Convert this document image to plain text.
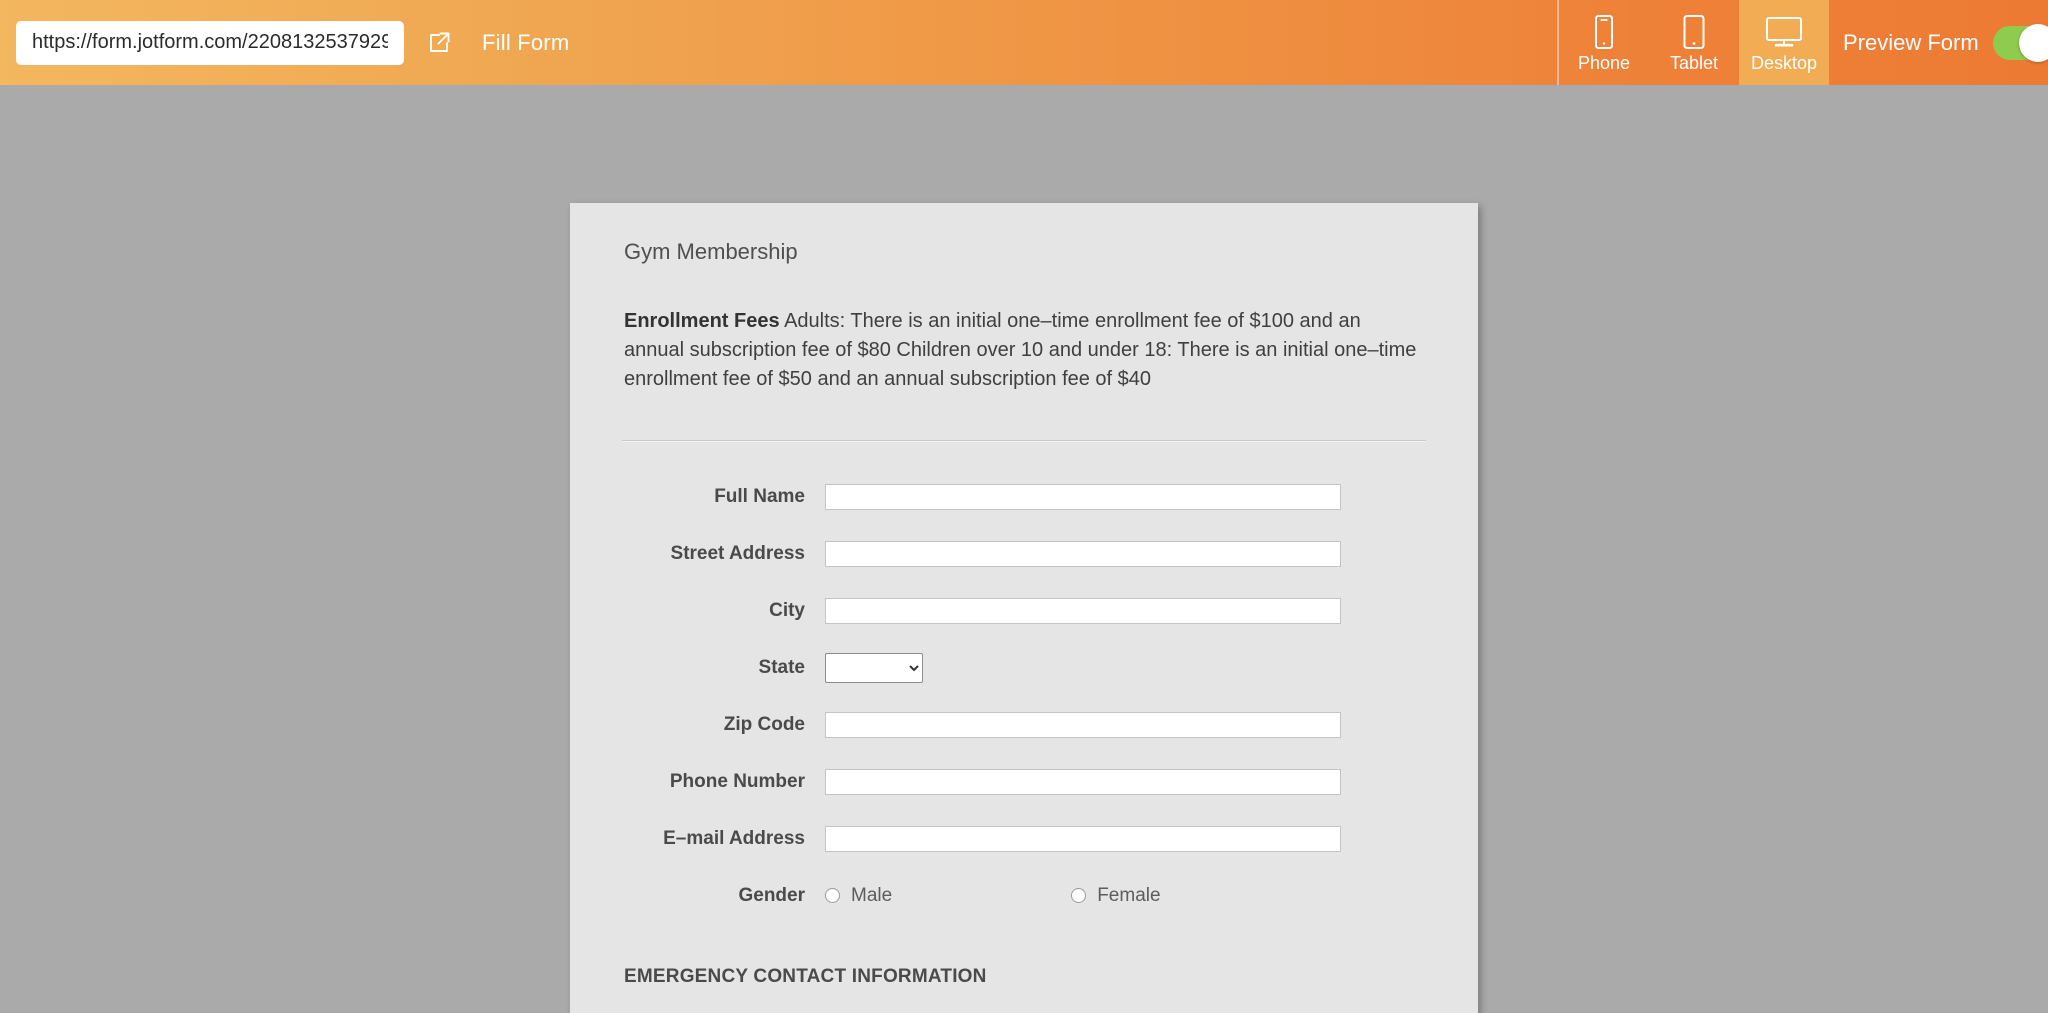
https://form.jotform.com/220813253792960
Fill Form
Phone Tablet Desktop
Preview Form
Gym Membership
Enrollment Fees Adults: There is an initial one–time enrollment fee of $100 and an annual subscription fee of $80 Children over 10 and under 18: There is an initial one–time enrollment fee of $50 and an annual subscription fee of $40
Full Name
Street Address
City
State
Zip Code
Phone Number
E–mail Address
Gender	Male	Female
EMERGENCY CONTACT INFORMATION
